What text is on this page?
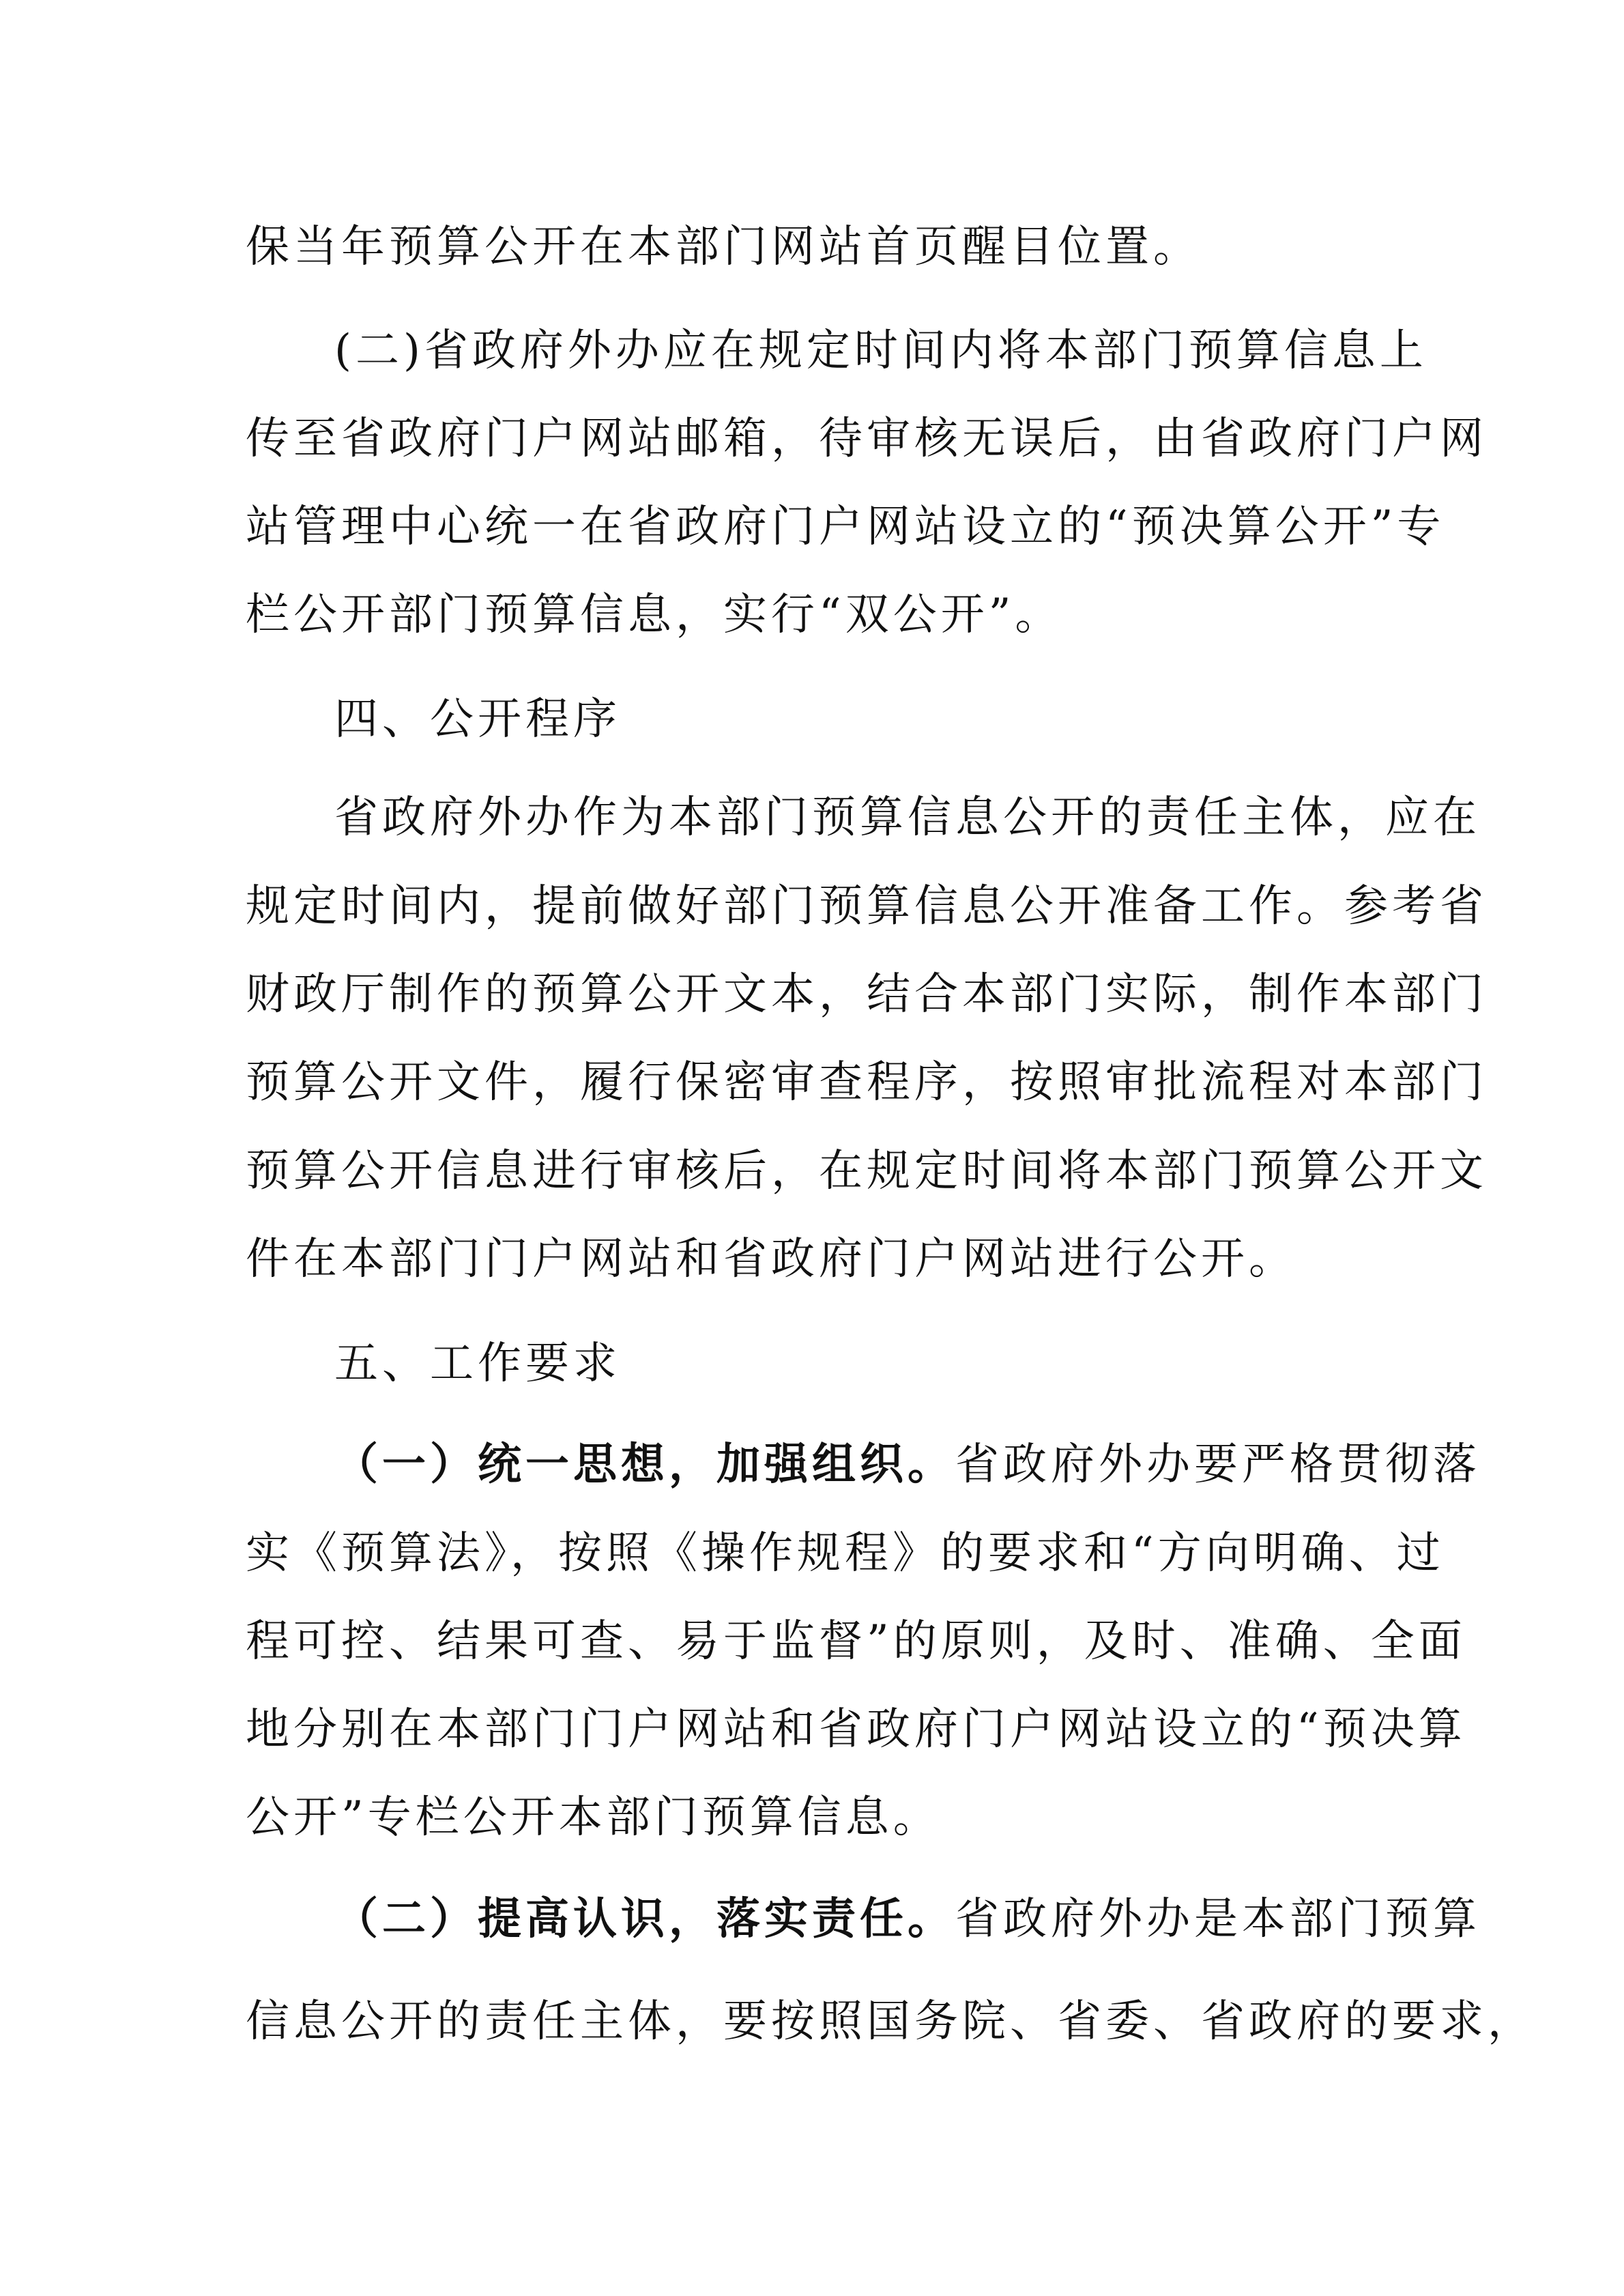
保当年预算公开在本部门网站首页醒目位置。
(二)省政府外办应在规定时间内将本部门预算信息上
传至省政府门户网站邮箱，待审核无误后，由省政府门户网
站管理中心统一在省政府门户网站设立的“预决算公开”专
栏公开部门预算信息，实行“双公开”。
四、公开程序
省政府外办作为本部门预算信息公开的责任主体，应在
规定时间内，提前做好部门预算信息公开准备工作。参考省
财政厅制作的预算公开文本，结合本部门实际，制作本部门
预算公开文件，履行保密审查程序，按照审批流程对本部门
预算公开信息进行审核后，在规定时间将本部门预算公开文
件在本部门门户网站和省政府门户网站进行公开。
五、工作要求
（一）统一思想，加强组织。省政府外办要严格贯彻落
实《预算法》，按照《操作规程》的要求和“方向明确、过
程可控、结果可查、易于监督”的原则，及时、准确、全面
地分别在本部门门户网站和省政府门户网站设立的“预决算
公开”专栏公开本部门预算信息。
（二）提高认识，落实责任。省政府外办是本部门预算
信息公开的责任主体，要按照国务院、省委、省政府的要求，
